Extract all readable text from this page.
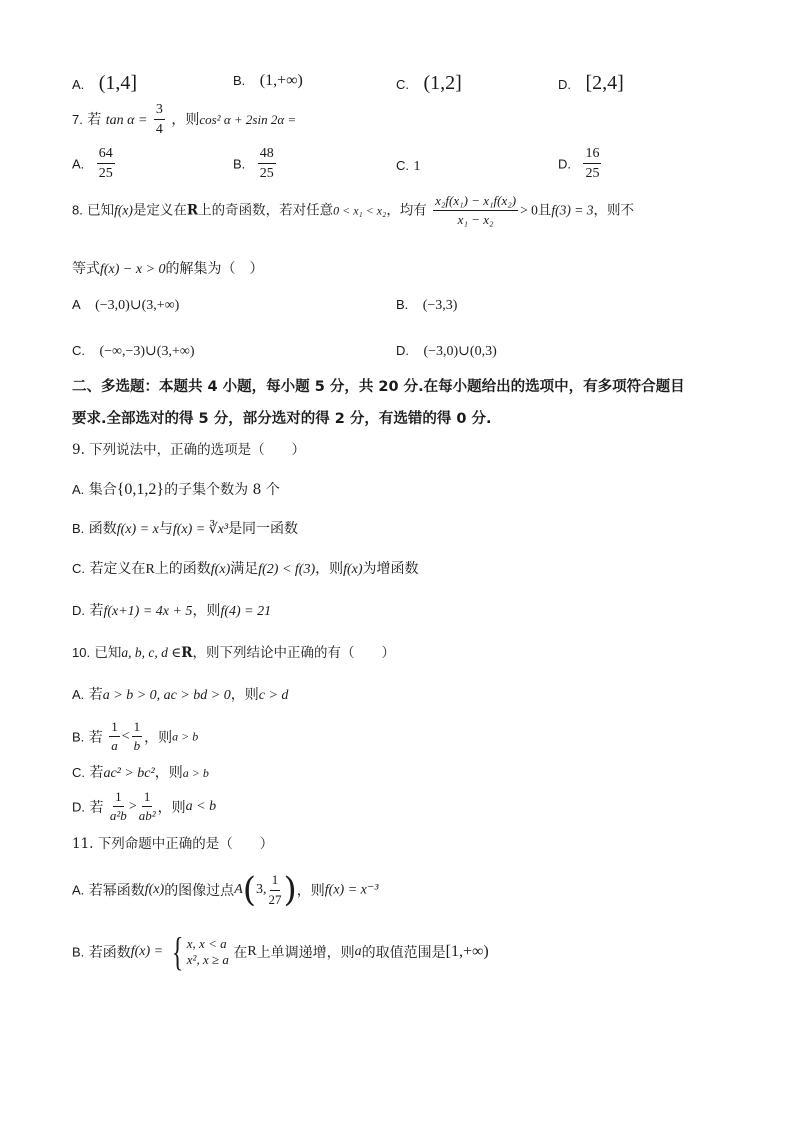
A. (1,4]	B. (1,+∞)	C. (1,2]	D. [2,4]
7. 若 $\tan \alpha = \frac{3}{4}$ ，则cos² α + 2sin 2α =
A. $\frac{64}{25}$	B. $\frac{48}{25}$	C. 1	D. $\frac{16}{25}$
8. 已知f(x)是定义在R上的奇函数，若对任意0 < x₁ < x₂，均有 $\frac{\text{x₂f(x₁) − x₁f(x₂)}}{\text{x₁ − x₂}} > 0$且f(3) = 3，则不
等式f(x) − x > 0的解集为（　）
A (−3,0)∪(3,+∞)	B. (−3,3)
C. (−∞,−3)∪(3,+∞)	D. (−3,0)∪(0,3)
二、多选题：本题共 4 小题，每小题 5 分，共 20 分.在每小题给出的选项中，有多项符合题目
要求.全部选对的得 5 分，部分选对的得 2 分，有选错的得 0 分.
9. 下列说法中，正确的选项是（　　）
A. 集合{0,1,2}的子集个数为 8 个
B. 函数f(x) = x与f(x) = ∛x³是同一函数
C. 若定义在R上的函数f(x)满足f(2) < f(3)，则f(x)为增函数
D. 若f(x+1) = 4x + 5，则f(4) = 21
10. 已知a, b, c, d ∈R，则下列结论中正确的有（　　）
A. 若a > b > 0, ac > bd > 0，则c > d
B. 若 $\frac{1}{a} < \frac{1}{b}$ ，则a > b
C. 若ac² > bc²，则a > b
D. 若 $\frac{1}{\text{a²b}} > \frac{1}{\text{ab²}}$ ，则a < b
11. 下列命题中正确的是（　　）
A. 若幂函数f(x)的图像过点A(3, $\frac{1}{27}$ )，则f(x) = x⁻³
B. 若函数f(x) = { x, x < a
x², x ≥ a 在R上单调递增，则a的取值范围是[1,+∞)
